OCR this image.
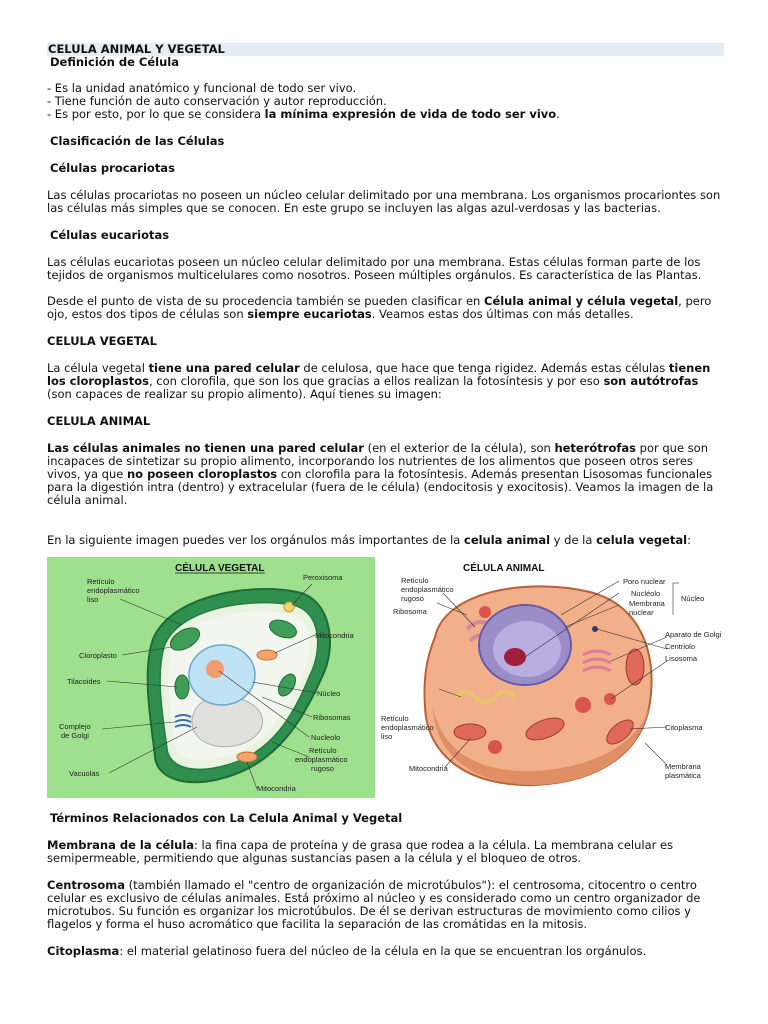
CELULA ANIMAL Y VEGETAL

Definición de Célula

- Es la unidad anatómico y funcional de todo ser vivo.

- Tiene función de auto conservación y autor reproducción.

- Es por esto, por lo que se considera la mínima expresión de vida de todo ser vivo.

Clasificación de las Células

Células procariotas

Las células procariotas no poseen un núcleo celular delimitado por una membrana. Los organismos procariontes son las células más simples que se conocen. En este grupo se incluyen las algas azul-verdosas y las bacterias.

Células eucariotas

Las células eucariotas poseen un núcleo celular delimitado por una membrana. Estas células forman parte de los tejidos de organismos multicelulares como nosotros. Poseen múltiples orgánulos. Es característica de las Plantas.

Desde el punto de vista de su procedencia también se pueden clasificar en Célula animal y célula vegetal, pero ojo, estos dos tipos de células son siempre eucariotas. Veamos estas dos últimas con más detalles.

CELULA VEGETAL

La célula vegetal tiene una pared celular de celulosa, que hace que tenga rigidez. Además estas células tienen los cloroplastos, con clorofila, que son los que gracias a ellos realizan la fotosíntesis y por eso son autótrofas (son capaces de realizar su propio alimento). Aquí tienes su imagen:

CELULA ANIMAL

Las células animales no tienen una pared celular (en el exterior de la célula), son heterótrofas por que son incapaces de sintetizar su propio alimento, incorporando los nutrientes de los alimentos que poseen otros seres vivos, ya que no poseen cloroplastos con clorofila para la fotosíntesis. Además presentan Lisosomas funcionales para la digestión intra (dentro) y extracelular (fuera de le célula) (endocitosis y exocitosis). Veamos la imagen de la célula animal.

En la siguiente imagen puedes ver los orgánulos más importantes de la celula animal y de la celula vegetal:

CÉLULA VEGETAL
Retículo
endoplasmático
liso
Cloroplasto
Tilacoides
Complejo
de Golgi
Vacuolas
Peroxisoma
Mitocondria
Núcleo
Ribosomas
Nucleolo
Retículo
endoplasmático
rugoso
Mitocondria
CÉLULA ANIMAL
Retículo
endoplasmático
rugoso
Ribosoma
Poro nuclear
Nucléolo
Membrana
nuclear
Núcleo
Aparato de Golgi
Centriolo
Lisosoma
Retículo
endoplasmático
liso
Citoplasma
Mitocondria	Membrana
plasmática

Términos Relacionados con La Celula Animal y Vegetal

Membrana de la célula: la fina capa de proteína y de grasa que rodea a la célula. La membrana celular es semipermeable, permitiendo que algunas sustancias pasen a la célula y el bloqueo de otros.

Centrosoma (también llamado el "centro de organización de microtúbulos"): el centrosoma, citocentro o centro celular es exclusivo de células animales. Está próximo al núcleo y es considerado como un centro organizador de microtubos. Su función es organizar los microtúbulos. De él se derivan estructuras de movimiento como cilios y flagelos y forma el huso acromático que facilita la separación de las cromátidas en la mitosis.

Citoplasma: el material gelatinoso fuera del núcleo de la célula en la que se encuentran los orgánulos.
